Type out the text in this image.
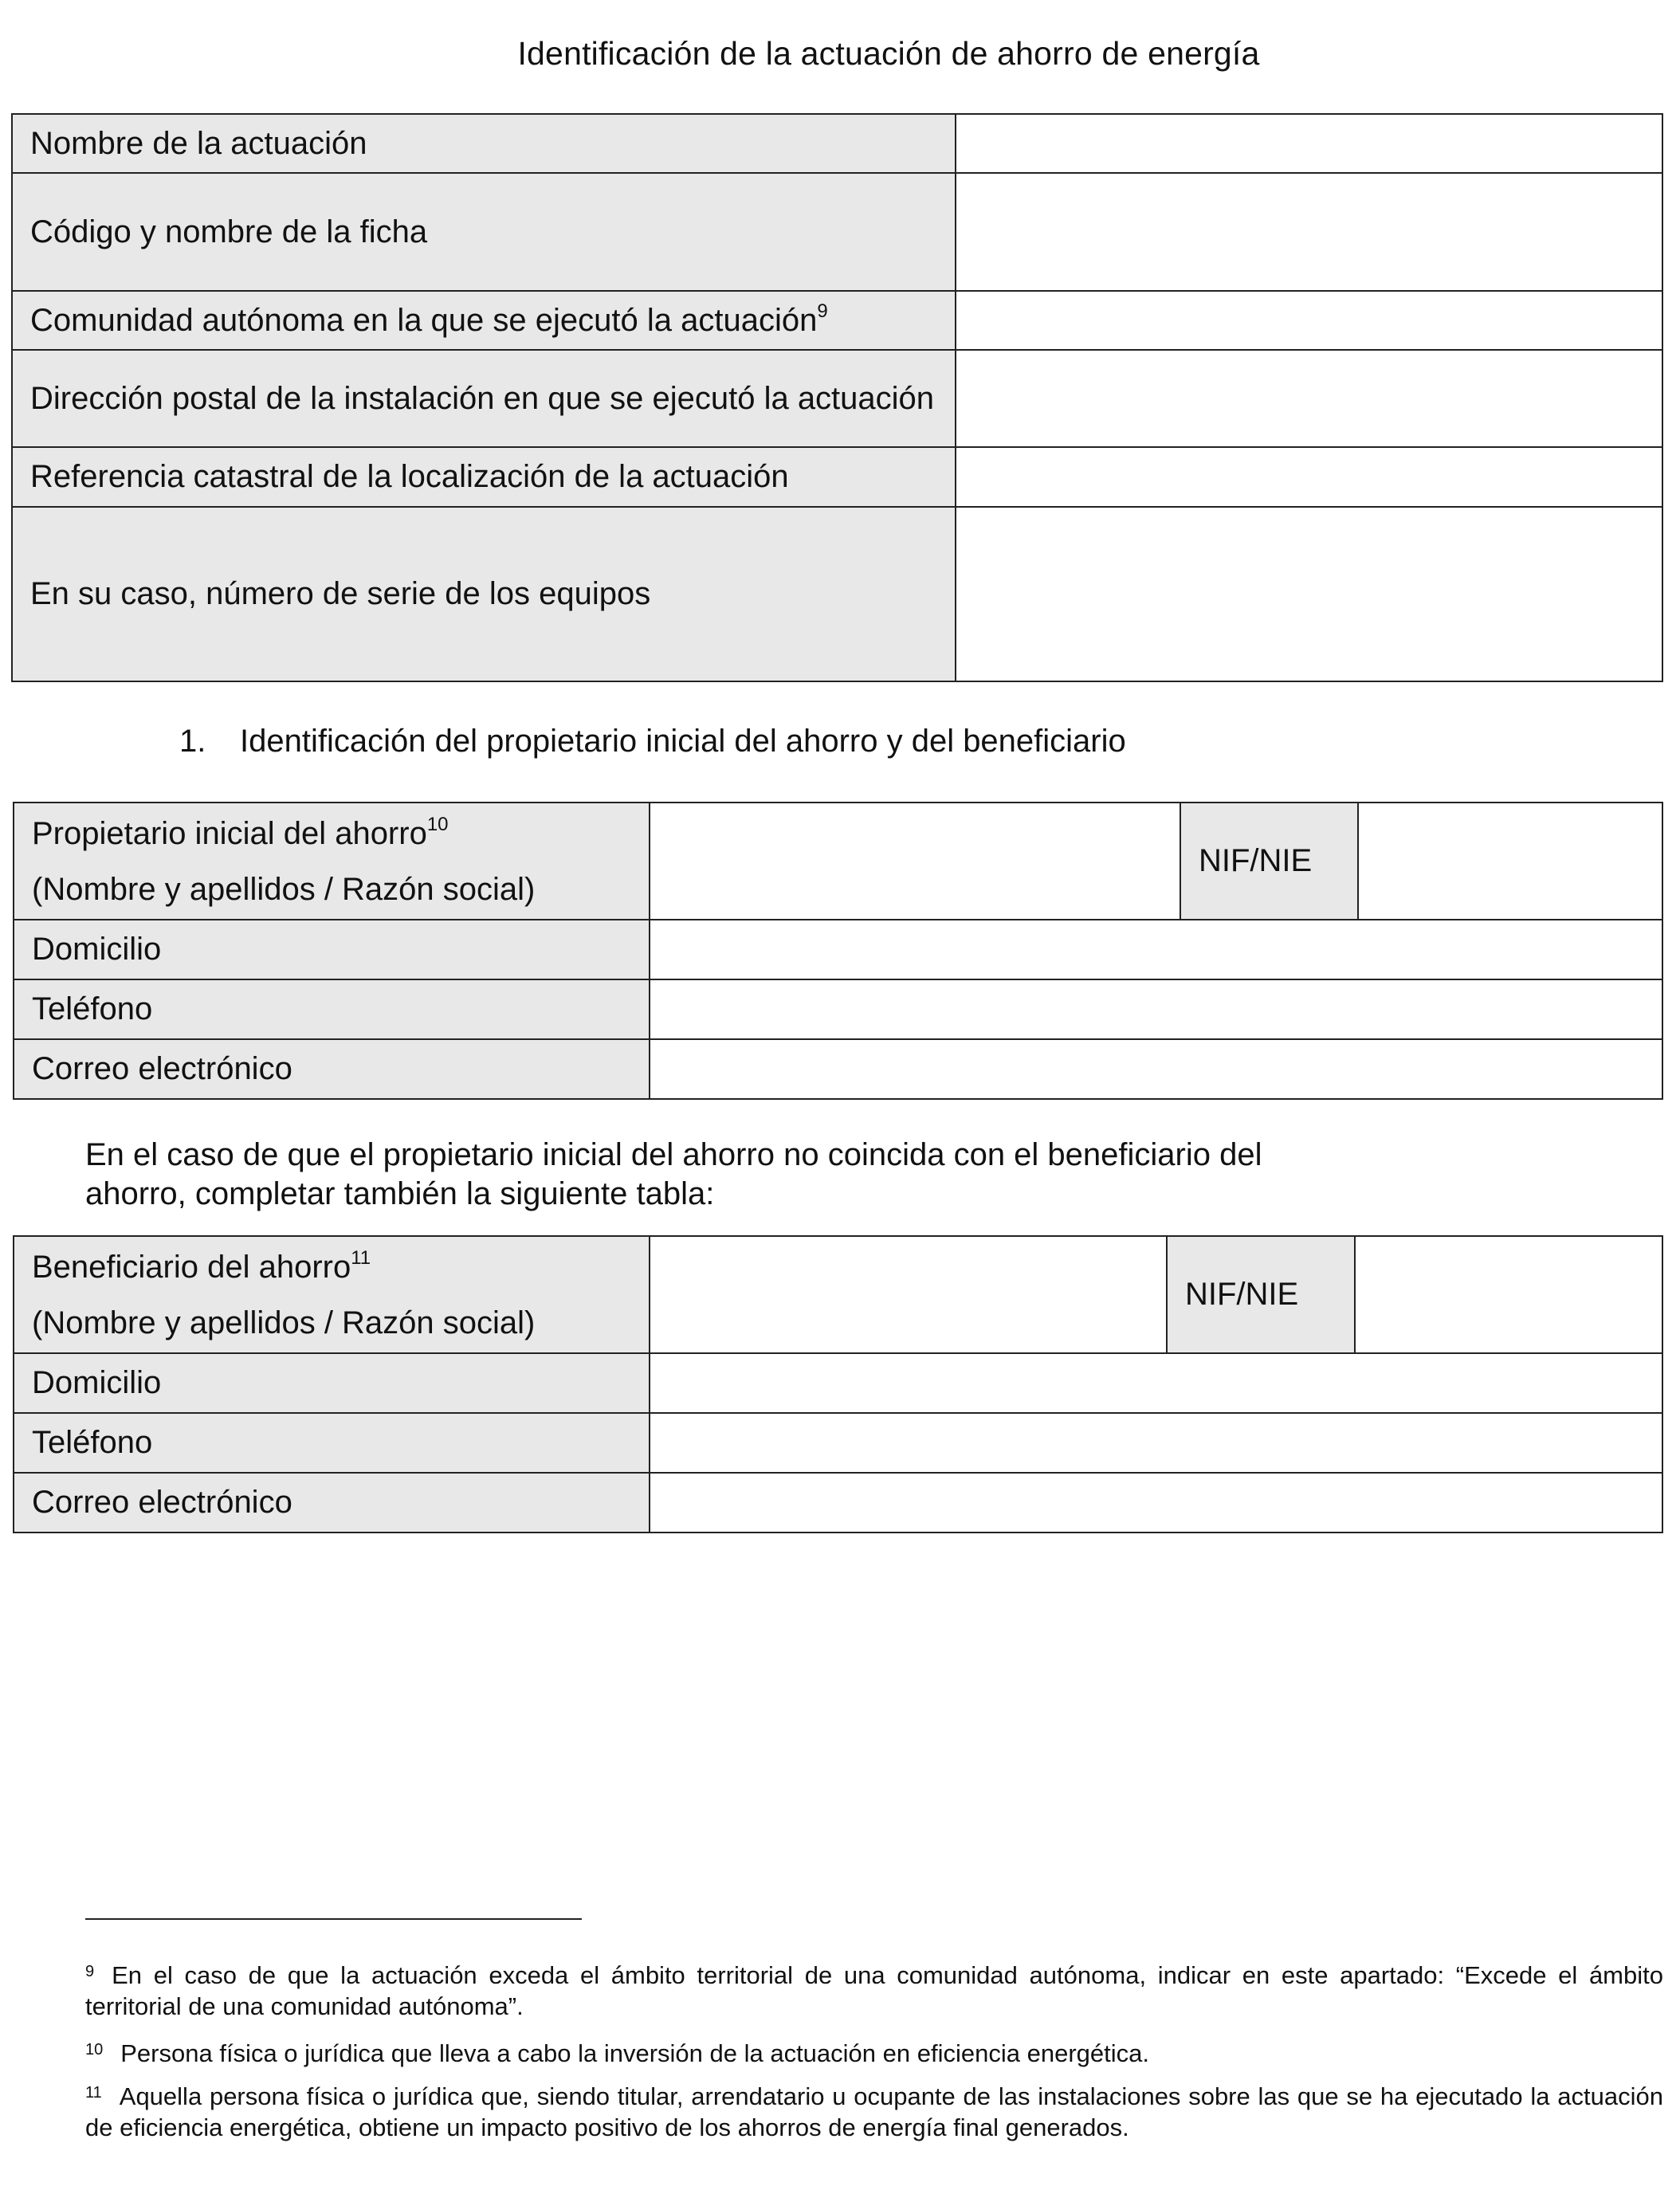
Identificación de la actuación de ahorro de energía
Nombre de la actuación	
Código y nombre de la ficha	
Comunidad autónoma en la que se ejecutó la actuación$^9$	
Dirección postal de la instalación en que se ejecutó la actuación	
Referencia catastral de la localización de la actuación	
En su caso, número de serie de los equipos	
1. Identificación del propietario inicial del ahorro y del beneficiario
Propietario inicial del ahorro$^{10}$
(Nombre y apellidos / Razón social)		NIF/NIE	
Domicilio			
Teléfono			
Correo electrónico			
En el caso de que el propietario inicial del ahorro no coincida con el beneficiario del ahorro, completar también la siguiente tabla:
Beneficiario del ahorro$^{11}$
(Nombre y apellidos / Razón social)		NIF/NIE	
Domicilio			
Teléfono			
Correo electrónico			
$^9$ En el caso de que la actuación exceda el ámbito territorial de una comunidad autónoma, indicar en este apartado: “Excede el ámbito territorial de una comunidad autónoma”.
$^{10}$ Persona física o jurídica que lleva a cabo la inversión de la actuación en eficiencia energética.
$^{11}$ Aquella persona física o jurídica que, siendo titular, arrendatario u ocupante de las instalaciones sobre las que se ha ejecutado la actuación de eficiencia energética, obtiene un impacto positivo de los ahorros de energía final generados.
